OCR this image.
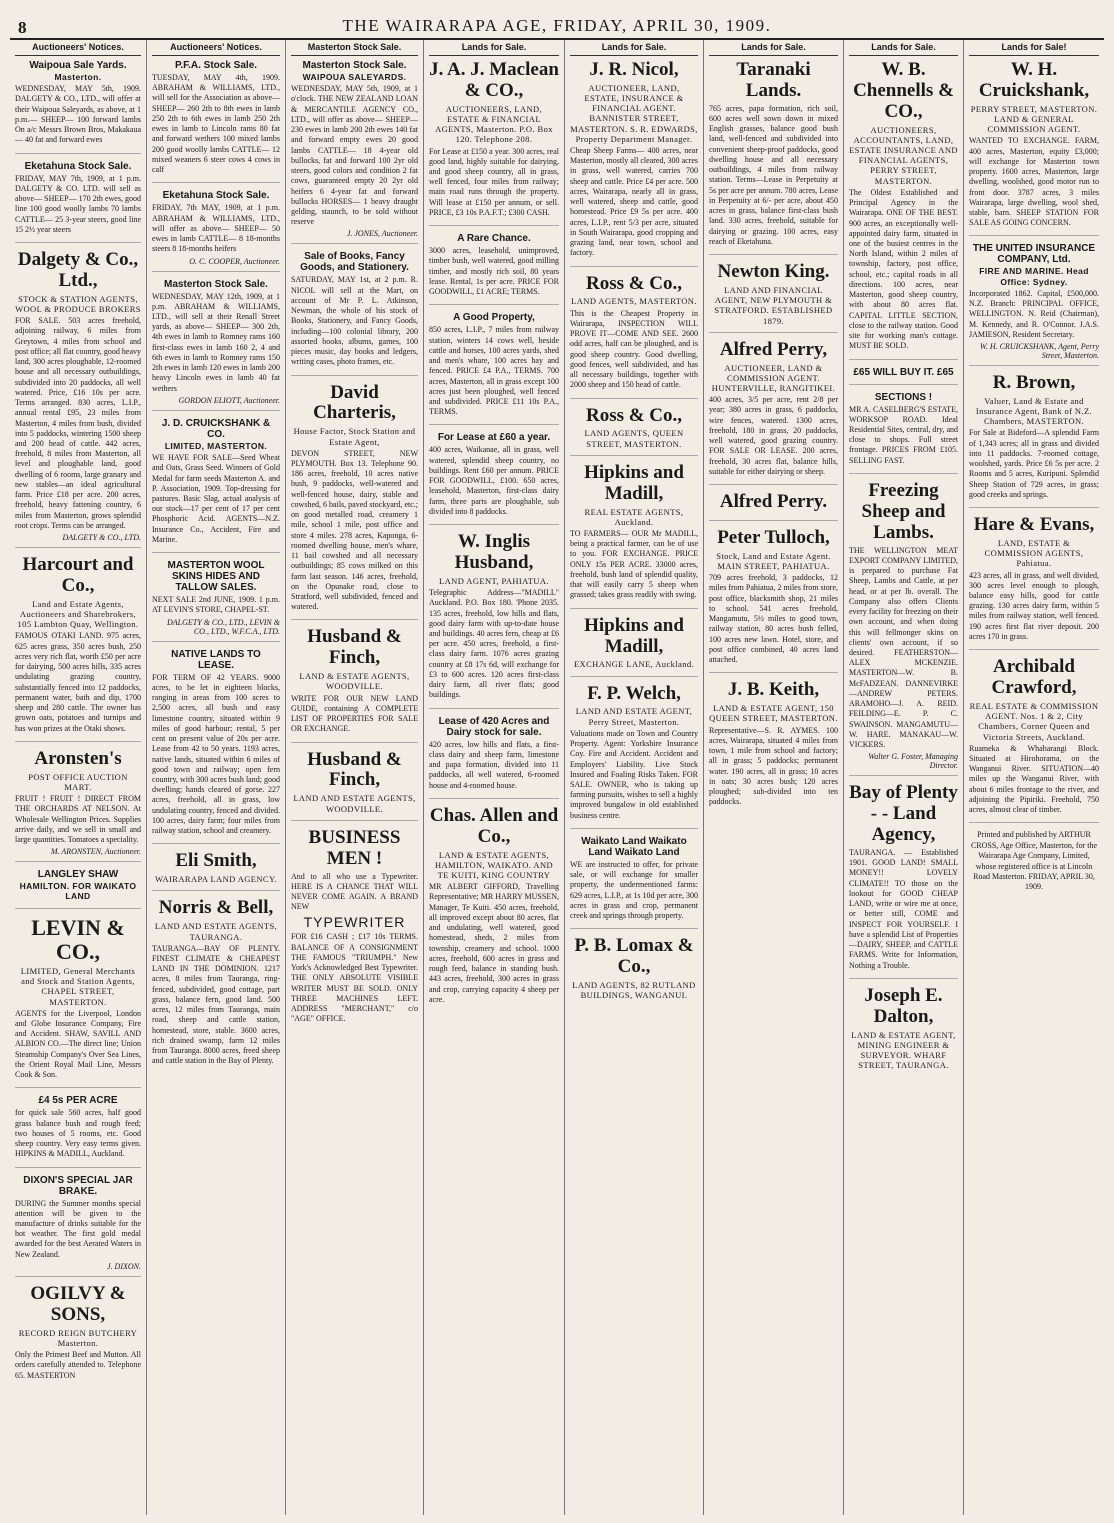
8	THE WAIRARAPA AGE, FRIDAY, APRIL 30, 1909.
Auctioneers' Notices.
Waipoua Sale Yards.
Masterton.
WEDNESDAY, MAY 5th, 1909. DALGETY & CO., LTD., will offer at their Waipoua Saleyards, as above, at 1 p.m.— SHEEP— 100 forward lambs On a/c Messrs Brown Bros, Makakaua— 40 fat and forward ewes
Eketahuna Stock Sale.
FRIDAY, MAY 7th, 1909, at 1 p.m. DALGETY & CO. LTD. will sell as above— SHEEP— 170 2th ewes, good line 100 good woolly lambs 70 lambs CATTLE— 25 3-year steers, good line 15 2½ year steers
Dalgety & Co., Ltd.,
STOCK & STATION AGENTS, WOOL & PRODUCE BROKERS
FOR SALE. 503 acres freehold, adjoining railway, 6 miles from Greytown, 4 miles from school and post office; all flat country, good heavy land, 300 acres ploughable, 12-roomed house and all necessary outbuildings, subdivided into 20 paddocks, all well watered. Price, £16 10s per acre. Terms arranged. 830 acres, L.I.P., annual rental £95, 23 miles from Masterton, 4 miles from bush, divided into 5 paddocks, wintering 1500 sheep and 200 head of cattle. 442 acres, freehold, 8 miles from Masterton, all level and ploughable land, good dwelling of 6 rooms, large granary and new stables—an ideal agricultural farm. Price £18 per acre. 200 acres, freehold, heavy fattening country, 6 miles from Masterton, grows splendid root crops. Terms can be arranged.
DALGETY & CO., LTD.
Harcourt and Co.,
Land and Estate Agents, Auctioneers and Sharebrokers, 105 Lambton Quay, Wellington.
FAMOUS OTAKI LAND. 975 acres, 625 acres grass, 350 acres bush, 250 acres very rich flat, worth £50 per acre for dairying, 500 acres hills, 335 acres undulating grazing country, substantially fenced into 12 paddocks, permanent water, bath and dip, 1700 sheep and 280 cattle. The owner has grown oats, potatoes and turnips and has won prizes at the Otaki shows.
Aronsten's
POST OFFICE AUCTION MART.
FRUIT ! FRUIT ! DIRECT FROM THE ORCHARDS AT NELSON. At Wholesale Wellington Prices. Supplies arrive daily, and we sell in small and large quantities. Tomatoes a speciality.
M. ARONSTEN, Auctioneer.
LANGLEY SHAW
HAMILTON. FOR WAIKATO LAND
LEVIN & CO.,
LIMITED, General Merchants and Stock and Station Agents, CHAPEL STREET, MASTERTON.
AGENTS for the Liverpool, London and Globe Insurance Company, Fire and Accident. SHAW, SAVILL AND ALBION CO.—The direct line; Union Steamship Company's Over Sea Lines, the Orient Royal Mail Line, Messrs Cook & Son.
£4 5s PER ACRE
for quick sale 560 acres, half good grass balance bush and rough feed; two houses of 5 rooms, etc. Good sheep country. Very easy terms given. HIPKINS & MADILL, Auckland.
DIXON'S SPECIAL JAR BRAKE.
DURING the Summer months special attention will be given to the manufacture of drinks suitable for the hot weather. The first gold medal awarded for the best Aerated Waters in New Zealand.
J. DIXON.
OGILVY & SONS,
RECORD REIGN BUTCHERY Masterton.
Only the Primest Beef and Mutton. All orders carefully attended to. Telephone 65. MASTERTON
Auctioneers' Notices.
P.F.A. Stock Sale.
TUESDAY, MAY 4th, 1909. ABRAHAM & WILLIAMS, LTD., will sell for the Association as above— SHEEP— 260 2th to 8th ewes in lamb 250 2th to 6th ewes in lamb 250 2th ewes in lamb to Lincoln rams 80 fat and forward wethers 100 mixed lambs 200 good woolly lambs CATTLE— 12 mixed weaners 6 steer cows 4 cows in calf
Eketahuna Stock Sale.
FRIDAY, 7th MAY, 1909, at 1 p.m. ABRAHAM & WILLIAMS, LTD., will offer as above— SHEEP— 50 ewes in lamb CATTLE— 8 18-months steers 8 18-months heifers
O. C. COOPER, Auctioneer.
Masterton Stock Sale.
WEDNESDAY, MAY 12th, 1909, at 1 p.m. ABRAHAM & WILLIAMS, LTD., will sell at their Renall Street yards, as above— SHEEP— 300 2th, 4th ewes in lamb to Romney rams 160 first-class ewes in lamb 160 2, 4 and 6th ewes in lamb to Romney rams 150 2th ewes in lamb 120 ewes in lamb 200 heavy Lincoln ewes in lamb 40 fat wethers
GORDON ELIOTT, Auctioneer.
J. D. CRUICKSHANK & CO.
LIMITED, MASTERTON.
WE HAVE FOR SALE—Seed Wheat and Oats, Grass Seed. Winners of Gold Medal for farm seeds Masterton A. and P. Association, 1909. Top-dressing for pastures. Basic Slag, actual analysis of our stock—17 per cent of 17 per cent Phosphoric Acid. AGENTS—N.Z. Insurance Co., Accident, Fire and Marine.
MASTERTON WOOL SKINS HIDES AND TALLOW SALES.
NEXT SALE 2nd JUNE, 1909. 1 p.m. AT LEVIN'S STORE, CHAPEL-ST.
DALGETY & CO., LTD., LEVIN & CO., LTD., W.F.C.A., LTD.
NATIVE LANDS TO LEASE.
FOR TERM OF 42 YEARS. 9000 acres, to be let in eighteen blocks, ranging in areas from 100 acres to 2,500 acres, all bush and easy limestone country, situated within 9 miles of good harbour; rental, 5 per cent on present value of 20s per acre. Lease from 42 to 50 years. 1193 acres, native lands, situated within 6 miles of good town and railway; open fern country, with 300 acres bush land; good dwelling; hands cleared of gorse. 227 acres, freehold, all in grass, low undulating country, fenced and divided. 100 acres, dairy farm; four miles from railway station, school and creamery.
Eli Smith,
WAIRARAPA LAND AGENCY.
Norris & Bell,
LAND AND ESTATE AGENTS, TAURANGA.
TAURANGA—BAY OF PLENTY. FINEST CLIMATE & CHEAPEST LAND IN THE DOMINION. 1217 acres, 8 miles from Tauranga, ring-fenced, subdivided, good cottage, part grass, balance fern, good land. 500 acres, 12 miles from Tauranga, main road, sheep and cattle station, homestead, store, stable. 3600 acres, rich drained swamp, farm 12 miles from Tauranga. 8000 acres, freed sheep and cattle station in the Bay of Plenty.
Masterton Stock Sale.
Masterton Stock Sale.
WAIPOUA SALEYARDS.
WEDNESDAY, MAY 5th, 1909, at 1 o'clock. THE NEW ZEALAND LOAN & MERCANTILE AGENCY CO., LTD., will offer as above— SHEEP— 230 ewes in lamb 200 2th ewes 140 fat and forward empty ewes 20 good lambs CATTLE— 18 4-year old bullocks, fat and forward 100 2yr old steers, good colors and condition 2 fat cows, guaranteed empty 20 2yr old heifers 6 4-year fat and forward bullocks HORSES— 1 heavy draught gelding, staunch, to be sold without reserve
J. JONES, Auctioneer.
Sale of Books, Fancy Goods, and Stationery.
SATURDAY, MAY 1st, at 2 p.m. R. NICOL will sell at the Mart, on account of Mr P. L. Atkinson, Newman, the whole of his stock of Books, Stationery, and Fancy Goods, including—100 colonial library, 200 assorted books, albums, games, 100 pieces music, day books and ledgers, writing cases, photo frames, etc.
David Charteris,
House Factor, Stock Station and Estate Agent,
DEVON STREET, NEW PLYMOUTH. Box 13. Telephone 90. 186 acres, freehold, 10 acres native bush, 9 paddocks, well-watered and well-fenced house, dairy, stable and cowshed, 6 bails, paved stockyard, etc.; on good metalled road, creamery 1 mile, school 1 mile, post office and store 4 miles. 278 acres, Kaponga, 6-roomed dwelling house, men's whare, 11 bail cowshed and all necessary outbuildings; 85 cows milked on this farm last season. 146 acres, freehold, on the Opunake road, close to Stratford, well subdivided, fenced and watered.
Husband & Finch,
LAND & ESTATE AGENTS, WOODVILLE.
WRITE FOR OUR NEW LAND GUIDE, containing A COMPLETE LIST OF PROPERTIES FOR SALE OR EXCHANGE.
Husband & Finch,
LAND AND ESTATE AGENTS, WOODVILLE.
BUSINESS MEN !
And to all who use a Typewriter. HERE IS A CHANCE THAT WILL NEVER COME AGAIN. A BRAND NEW
TYPEWRITER
FOR £16 CASH ; £17 10s TERMS. BALANCE OF A CONSIGNMENT THE FAMOUS "TRIUMPH." New York's Acknowledged Best Typewriter. THE ONLY ABSOLUTE VISIBLE WRITER MUST BE SOLD. ONLY THREE MACHINES LEFT. ADDRESS "MERCHANT," c/o "AGE" OFFICE.
Lands for Sale.
J. A. J. Maclean & CO.,
AUCTIONEERS, LAND, ESTATE & FINANCIAL AGENTS, Masterton. P.O. Box 120. Telephone 208.
For Lease at £150 a year. 300 acres, real good land, highly suitable for dairying, and good sheep country, all in grass, well fenced, four miles from railway; main road runs through the property. Will lease at £150 per annum, or sell. PRICE, £3 10s P.A.F.T.; £300 CASH.
A Rare Chance.
3000 acres, leasehold, unimproved, timber bush, well watered, good milling timber, and mostly rich soil, 80 years lease. Rental, 1s per acre. PRICE FOR GOODWILL, £1 ACRE; TERMS.
A Good Property,
850 acres, L.I.P., 7 miles from railway station, winters 14 cows well, beside cattle and horses, 100 acres yards, shed and men's whare, 100 acres hay and fenced. PRICE £4 P.A., TERMS. 700 acres, Masterton, all in grass except 100 acres just been ploughed, well fenced and subdivided. PRICE £11 10s P.A., TERMS.
For Lease at £60 a year.
400 acres, Waikanae, all in grass, well watered, splendid sheep country, no buildings. Rent £60 per annum. PRICE FOR GOODWILL, £100. 650 acres, leasehold, Masterton, first-class dairy farm, three parts are ploughable, sub divided into 8 paddocks.
W. Inglis Husband,
LAND AGENT, PAHIATUA.
Telegraphic Address—"MADILL" Auckland. P.O. Box 180. 'Phone 2035. 135 acres, freehold, low hills and flats, good dairy farm with up-to-date house and buildings. 40 acres fern, cheap at £6 per acre. 450 acres, freehold, a first-class dairy farm. 1076 acres grazing country at £8 17s 6d, will exchange for £3 to 600 acres. 120 acres first-class dairy farm, all river flats; good buildings.
Lease of 420 Acres and Dairy stock for sale.
420 acres, low hills and flats, a first-class dairy and sheep farm, limestone and papa formation, divided into 11 paddocks, all well watered, 6-roomed house and 4-roomed house.
Chas. Allen and Co.,
LAND & ESTATE AGENTS, HAMILTON, WAIKATO. AND TE KUITI, KING COUNTRY
MR ALBERT GIFFORD, Travelling Representative; MR HARRY MUSSEN, Manager, Te Kuiti. 450 acres, freehold, all improved except about 80 acres, flat and undulating, well watered, good homestead, sheds, 2 miles from township, creamery and school. 1000 acres, freehold, 600 acres in grass and rough feed, balance in standing bush. 443 acres, freehold, 300 acres in grass and crop, carrying capacity 4 sheep per acre.
Lands for Sale.
J. R. Nicol,
AUCTIONEER, LAND, ESTATE, INSURANCE & FINANCIAL AGENT. BANNISTER STREET, MASTERTON. S. R. EDWARDS, Property Department Manager.
Cheap Sheep Farms— 400 acres, near Masterton, mostly all cleared, 300 acres in grass, well watered, carries 700 sheep and cattle. Price £4 per acre. 500 acres, Wairarapa, nearly all in grass, well watered, sheep and cattle, good homestead. Price £9 5s per acre. 400 acres, L.I.P., rent 5/3 per acre, situated in South Wairarapa, good cropping and grazing land, near town, school and factory.
Ross & Co.,
LAND AGENTS, MASTERTON.
This is the Cheapest Property in Wairarapa, INSPECTION WILL PROVE IT—COME AND SEE. 2600 odd acres, half can be ploughed, and is good sheep country. Good dwelling, good fences, well subdivided, and has all necessary buildings, together with 2000 sheep and 150 head of cattle.
Ross & Co.,
LAND AGENTS, QUEEN STREET, MASTERTON.
Hipkins and Madill,
REAL ESTATE AGENTS, Auckland.
TO FARMERS— OUR Mr MADILL, being a practical farmer, can be of use to you. FOR EXCHANGE. PRICE ONLY 15s PER ACRE. 33000 acres, freehold, bush land of splendid quality, that will easily carry 5 sheep when grassed; takes grass readily with swing.
Hipkins and Madill,
EXCHANGE LANE, Auckland.
F. P. Welch,
LAND AND ESTATE AGENT, Perry Street, Masterton.
Valuations made on Town and Country Property. Agent: Yorkshire Insurance Coy. Fire and Accident. Accident and Employers' Liability. Live Stock Insured and Foaling Risks Taken. FOR SALE. OWNER, who is taking up farming pursuits, wishes to sell a highly improved bungalow in old established business centre.
Waikato Land Waikato Land Waikato Land
WE are instructed to offer, for private sale, or will exchange for smaller property, the undermentioned farms: 629 acres, L.I.P., at 1s 10d per acre, 300 acres in grass and crop, permanent creek and springs through property.
P. B. Lomax & Co.,
LAND AGENTS, 82 RUTLAND BUILDINGS, WANGANUI.
Lands for Sale.
Taranaki Lands.
765 acres, papa formation, rich soil, 600 acres well sown down in mixed English grasses, balance good bush land, well-fenced and subdivided into convenient sheep-proof paddocks, good dwelling house and all necessary outbuildings, 4 miles from railway station. Terms—Lease in Perpetuity at 5s per acre per annum. 780 acres, Lease in Perpetuity at 6/- per acre, about 450 acres in grass, balance first-class bush land. 330 acres, freehold, suitable for dairying or grazing. 100 acres, easy reach of Eketahuna.
Newton King.
LAND AND FINANCIAL AGENT, NEW PLYMOUTH & STRATFORD. ESTABLISHED 1879.
Alfred Perry,
AUCTIONEER, LAND & COMMISSION AGENT. HUNTERVILLE, RANGITIKEI.
400 acres, 3/5 per acre, rent 2/8 per year; 380 acres in grass, 6 paddocks, wire fences, watered. 1300 acres, freehold, 180 in grass, 20 paddocks, well watered, good grazing country. FOR SALE OR LEASE. 200 acres, freehold, 30 acres flat, balance hills, suitable for either dairying or sheep.
Alfred Perry.
Peter Tulloch,
Stock, Land and Estate Agent. MAIN STREET, PAHIATUA.
709 acres freehold, 3 paddocks, 12 miles from Pahiatua, 2 miles from store, post office, blacksmith shop, 21 miles to school. 541 acres freehold, Mangamutu, 5½ miles to good town, railway station, 80 acres bush felled, 100 acres new lawn. Hotel, store, and post office combined, 40 acres land attached.
J. B. Keith,
LAND & ESTATE AGENT, 150 QUEEN STREET, MASTERTON.
Representative—S. R. AYMES. 100 acres, Wairarapa, situated 4 miles from town, 1 mile from school and factory; all in grass; 5 paddocks; permanent water. 190 acres, all in grass; 10 acres in oats; 30 acres bush; 120 acres ploughed; sub-divided into ten paddocks.
Lands for Sale.
W. B. Chennells & CO.,
AUCTIONEERS, ACCOUNTANTS, LAND, ESTATE INSURANCE AND FINANCIAL AGENTS, PERRY STREET, MASTERTON.
The Oldest Established and Principal Agency in the Wairarapa. ONE OF THE BEST. 900 acres, an exceptionally well-appointed dairy farm, situated in one of the busiest centres in the North Island, within 2 miles of township, factory, post office, school, etc.; capital roads in all directions. 100 acres, near Masterton, good sheep country, with about 80 acres flat. CAPITAL LITTLE SECTION, close to the railway station. Good site for working man's cottage. MUST BE SOLD.
£65 WILL BUY IT. £65
SECTIONS !
MR A. CASELBERG'S ESTATE, WORKSOP ROAD. Ideal Residential Sites, central, dry, and close to shops. Full street frontage. PRICES FROM £105. SELLING FAST.
Freezing Sheep and Lambs.
THE WELLINGTON MEAT EXPORT COMPANY LIMITED, is prepared to purchase Fat Sheep, Lambs and Cattle, at per head, or at per lb. overall. The Company also offers Clients every facility for freezing on their own account, and when doing this will fellmonger skins on clients' own account, if so desired. FEATHERSTON—ALEX MCKENZIE. MASTERTON—W. B. McFADZEAN. DANNEVIRKE—ANDREW PETERS. ARAMOHO—J. A. REID. FEILDING—E. P. C. SWAINSON. MANGAMUTU—W. HARE. MANAKAU—W. VICKERS.
Walter G. Foster, Managing Director.
Bay of Plenty - - Land Agency,
TAURANGA. — Established 1901. GOOD LAND! SMALL MONEY!! LOVELY CLIMATE!! TO those on the lookout for GOOD CHEAP LAND, write or wire me at once, or better still, COME and INSPECT FOR YOURSELF. I have a splendid List of Properties—DAIRY, SHEEP, and CATTLE FARMS. Write for Information, Nothing a Trouble.
Joseph E. Dalton,
LAND & ESTATE AGENT, MINING ENGINEER & SURVEYOR. WHARF STREET, TAURANGA.
Lands for Sale!
W. H. Cruickshank,
PERRY STREET, MASTERTON. LAND & GENERAL COMMISSION AGENT.
WANTED TO EXCHANGE. FARM, 400 acres, Masterton, equity £3,000; will exchange for Masterton town property. 1600 acres, Masterton, large dwelling, woolshed, good motor run to front door. 3787 acres, 3 miles Wairarapa, large dwelling, wool shed, stable, barn. SHEEP STATION FOR SALE AS GOING CONCERN.
THE UNITED INSURANCE COMPANY, Ltd.
FIRE AND MARINE. Head Office: Sydney.
Incorporated 1862. Capital, £500,000. N.Z. Branch: PRINCIPAL OFFICE, WELLINGTON. N. Reid (Chairman), M. Kennedy, and R. O'Connor. J.A.S. JAMIESON, Resident Secretary.
W. H. CRUICKSHANK, Agent, Perry Street, Masterton.
R. Brown,
Valuer, Land & Estate and Insurance Agent, Bank of N.Z. Chambers, MASTERTON.
For Sale at Bideford—A splendid Farm of 1,343 acres; all in grass and divided into 11 paddocks. 7-roomed cottage, woolshed, yards. Price £6 5s per acre. 2 Rooms and 5 acres, Kuripuni. Splendid Sheep Station of 729 acres, in grass; good creeks and springs.
Hare & Evans,
LAND, ESTATE & COMMISSION AGENTS, Pahiatua.
423 acres, all in grass, and well divided, 300 acres level enough to plough, balance easy hills, good for cattle grazing. 130 acres dairy farm, within 5 miles from railway station, well fenced. 190 acres first flat river deposit. 200 acres 170 in grass.
Archibald Crawford,
REAL ESTATE & COMMISSION AGENT. Nos. 1 & 2, City Chambers, Corner Queen and Victoria Streets, Auckland.
Ruameka & Whaharangi Block. Situated at Hirohorama, on the Wanganui River. SITUATION—40 miles up the Wanganui River, with about 6 miles frontage to the river, and adjoining the Pipiriki. Freehold, 750 acres, almost clear of timber.
Printed and published by ARTHUR CROSS, Age Office, Masterton, for the Wairarapa Age Company, Limited, whose registered office is at Lincoln Road Masterton. FRIDAY, APRIL 30, 1909.
